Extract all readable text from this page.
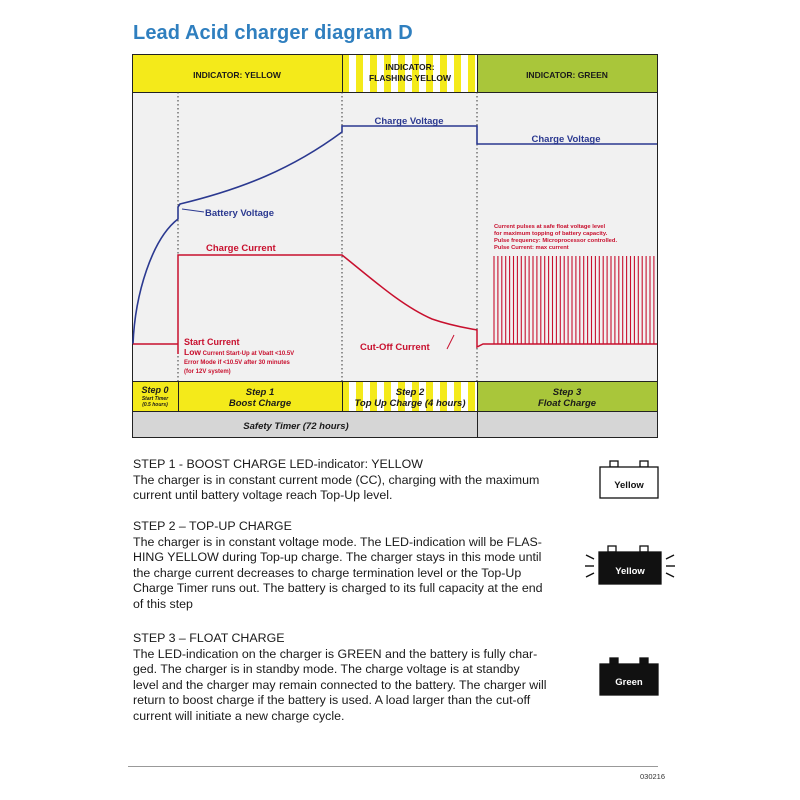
Lead Acid charger diagram D
INDICATOR: YELLOW
INDICATOR:
FLASHING YELLOW	INDICATOR: GREEN
Charge Voltage
Charge Voltage
Battery Voltage
Charge Current
Cut-Off Current
Start Current
Low Current Start-Up at Vbatt <10.5V
Error Mode if <10.5V after 30 minutes
(for 12V system)
Current pulses at safe float voltage level
for maximum topping of battery capacity.
Pulse frequency: Microprocessor controlled.
Pulse Current: max current
Step 0
Start Timer
(0.5 hours)
Step 1
Boost Charge
Step 2
Top Up Charge (4 hours)
Step 3
Float Charge
Safety Timer (72 hours)
STEP 1 - BOOST CHARGE LED-indicator: YELLOW
The charger is in constant current mode (CC), charging with the maximum
current until battery voltage reach Top-Up level.
STEP 2 – TOP-UP CHARGE
The charger is in constant voltage mode. The LED-indication will be FLAS-
HING YELLOW during Top-up charge. The charger stays in this mode until
the charge current decreases to charge termination level or the Top-Up
Charge Timer runs out. The battery is charged to its full capacity at the end
of this step
STEP 3 – FLOAT CHARGE
The LED-indication on the charger is GREEN and the battery is fully char-
ged. The charger is in standby mode. The charge voltage is at standby
level and the charger may remain connected to the battery. The charger will
return to boost charge if the battery is used. A load larger than the cut-off
current will initiate a new charge cycle.
Yellow
Yellow
Green
030216
